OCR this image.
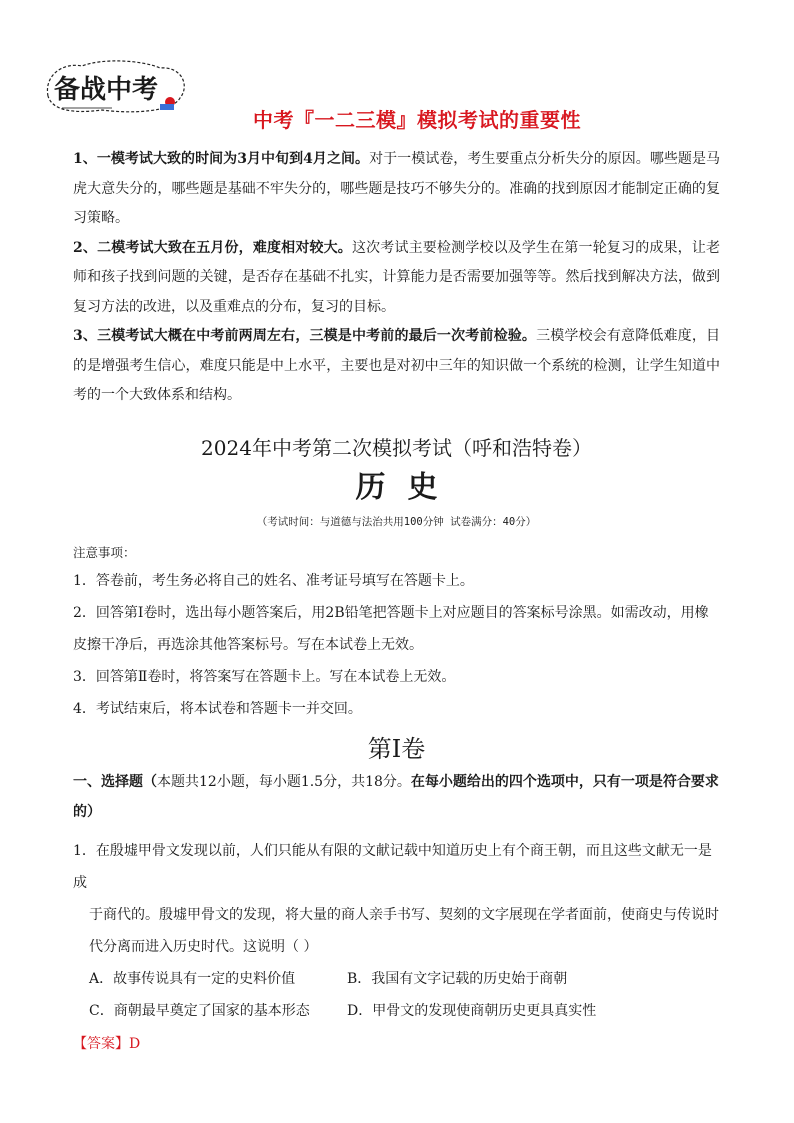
备战中考
中考『一二三模』模拟考试的重要性

1、一模考试大致的时间为3月中旬到4月之间。对于一模试卷，考生要重点分析失分的原因。哪些题是马虎大意失分的，哪些题是基础不牢失分的，哪些题是技巧不够失分的。准确的找到原因才能制定正确的复习策略。

2、二模考试大致在五月份，难度相对较大。这次考试主要检测学校以及学生在第一轮复习的成果，让老师和孩子找到问题的关键，是否存在基础不扎实，计算能力是否需要加强等等。然后找到解决方法，做到复习方法的改进，以及重难点的分布，复习的目标。

3、三模考试大概在中考前两周左右，三模是中考前的最后一次考前检验。三模学校会有意降低难度，目的是增强考生信心，难度只能是中上水平，主要也是对初中三年的知识做一个系统的检测，让学生知道中考的一个大致体系和结构。

2024年中考第二次模拟考试（呼和浩特卷）
历史
（考试时间：与道德与法治共用100分钟 试卷满分：40分）
注意事项：

1．答卷前，考生务必将自己的姓名、准考证号填写在答题卡上。

2．回答第Ⅰ卷时，选出每小题答案后，用2B铅笔把答题卡上对应题目的答案标号涂黑。如需改动，用橡皮擦干净后，再选涂其他答案标号。写在本试卷上无效。

3．回答第Ⅱ卷时，将答案写在答题卡上。写在本试卷上无效。

4．考试结束后，将本试卷和答题卡一并交回。

第Ⅰ卷

一、选择题（本题共12小题，每小题1.5分，共18分。在每小题给出的四个选项中，只有一项是符合要求的）

1．在殷墟甲骨文发现以前，人们只能从有限的文献记载中知道历史上有个商王朝，而且这些文献无一是成

于商代的。殷墟甲骨文的发现，将大量的商人亲手书写、契刻的文字展现在学者面前，使商史与传说时代分离而进入历史时代。这说明（ ）

A．故事传说具有一定的史料价值	B．我国有文字记载的历史始于商朝
C．商朝最早奠定了国家的基本形态	D．甲骨文的发现使商朝历史更具真实性
【答案】D
